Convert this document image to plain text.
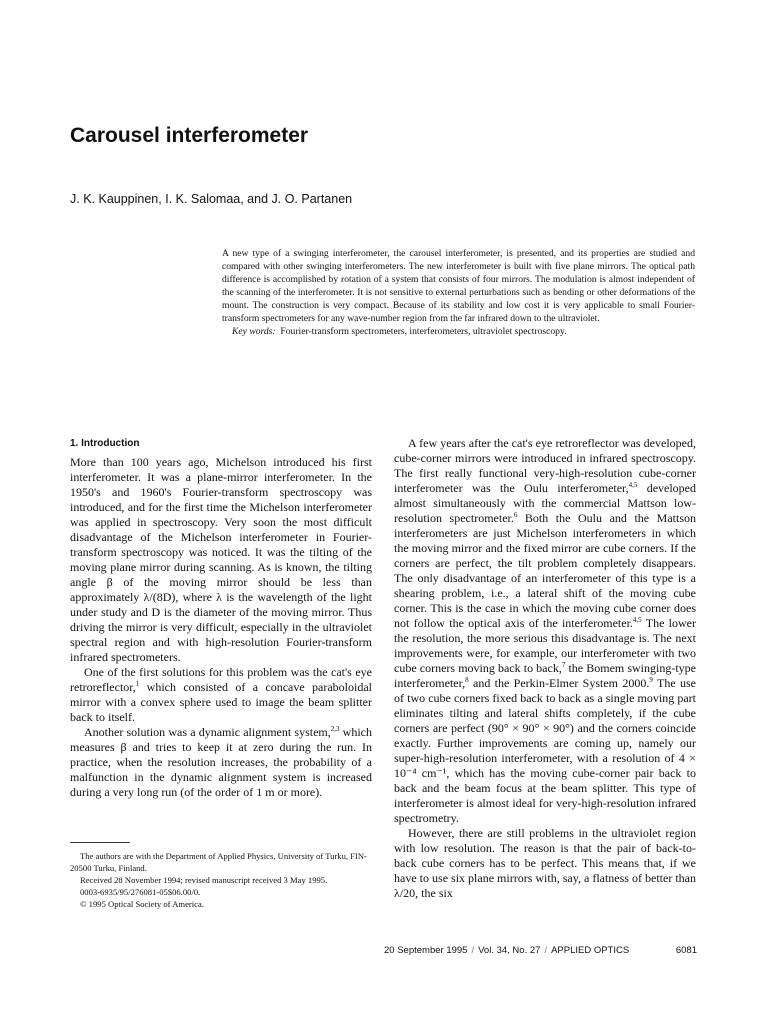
Carousel interferometer
J. K. Kauppinen, I. K. Salomaa, and J. O. Partanen

A new type of a swinging interferometer, the carousel interferometer, is presented, and its properties are studied and compared with other swinging interferometers. The new interferometer is built with five plane mirrors. The optical path difference is accomplished by rotation of a system that consists of four mirrors. The modulation is almost independent of the scanning of the interferometer. It is not sensitive to external perturbations such as bending or other deformations of the mount. The construction is very compact. Because of its stability and low cost it is very applicable to small Fourier-transform spectrometers for any wave-number region from the far infrared down to the ultraviolet.

Key words: Fourier-transform spectrometers, interferometers, ultraviolet spectroscopy.

1. Introduction

More than 100 years ago, Michelson introduced his first interferometer. It was a plane-mirror interferometer. In the 1950's and 1960's Fourier-transform spectroscopy was introduced, and for the first time the Michelson interferometer was applied in spectroscopy. Very soon the most difficult disadvantage of the Michelson interferometer in Fourier-transform spectroscopy was noticed. It was the tilting of the moving plane mirror during scanning. As is known, the tilting angle β of the moving mirror should be less than approximately λ/(8D), where λ is the wavelength of the light under study and D is the diameter of the moving mirror. Thus driving the mirror is very difficult, especially in the ultraviolet spectral region and with high-resolution Fourier-transform infrared spectrometers.

One of the first solutions for this problem was the cat's eye retroreflector,$^1$ which consisted of a concave paraboloidal mirror with a convex sphere used to image the beam splitter back to itself.

Another solution was a dynamic alignment system,$^{2,3}$ which measures β and tries to keep it at zero during the run. In practice, when the resolution increases, the probability of a malfunction in the dynamic alignment system is increased during a very long run (of the order of 1 m or more).

A few years after the cat's eye retroreflector was developed, cube-corner mirrors were introduced in infrared spectroscopy. The first really functional very-high-resolution cube-corner interferometer was the Oulu interferometer,$^{4,5}$ developed almost simultaneously with the commercial Mattson low-resolution spectrometer.$^6$ Both the Oulu and the Mattson interferometers are just Michelson interferometers in which the moving mirror and the fixed mirror are cube corners. If the corners are perfect, the tilt problem completely disappears. The only disadvantage of an interferometer of this type is a shearing problem, i.e., a lateral shift of the moving cube corner. This is the case in which the moving cube corner does not follow the optical axis of the interferometer.$^{4,5}$ The lower the resolution, the more serious this disadvantage is. The next improvements were, for example, our interferometer with two cube corners moving back to back,$^7$ the Bomem swinging-type interferometer,$^8$ and the Perkin-Elmer System 2000.$^9$ The use of two cube corners fixed back to back as a single moving part eliminates tilting and lateral shifts completely, if the cube corners are perfect (90° × 90° × 90°) and the corners coincide exactly. Further improvements are coming up, namely our super-high-resolution interferometer, with a resolution of 4 × 10⁻⁴ cm⁻¹, which has the moving cube-corner pair back to back and the beam focus at the beam splitter. This type of interferometer is almost ideal for very-high-resolution infrared spectrometry.

However, there are still problems in the ultraviolet region with low resolution. The reason is that the pair of back-to-back cube corners has to be perfect. This means that, if we have to use six plane mirrors with, say, a flatness of better than λ/20, the six

The authors are with the Department of Applied Physics, University of Turku, FIN-20500 Turku, Finland.

Received 28 November 1994; revised manuscript received 3 May 1995.

0003-6935/95/276081-05$06.00/0.

© 1995 Optical Society of America.

20 September 1995 / Vol. 34, No. 27 / APPLIED OPTICS	6081
